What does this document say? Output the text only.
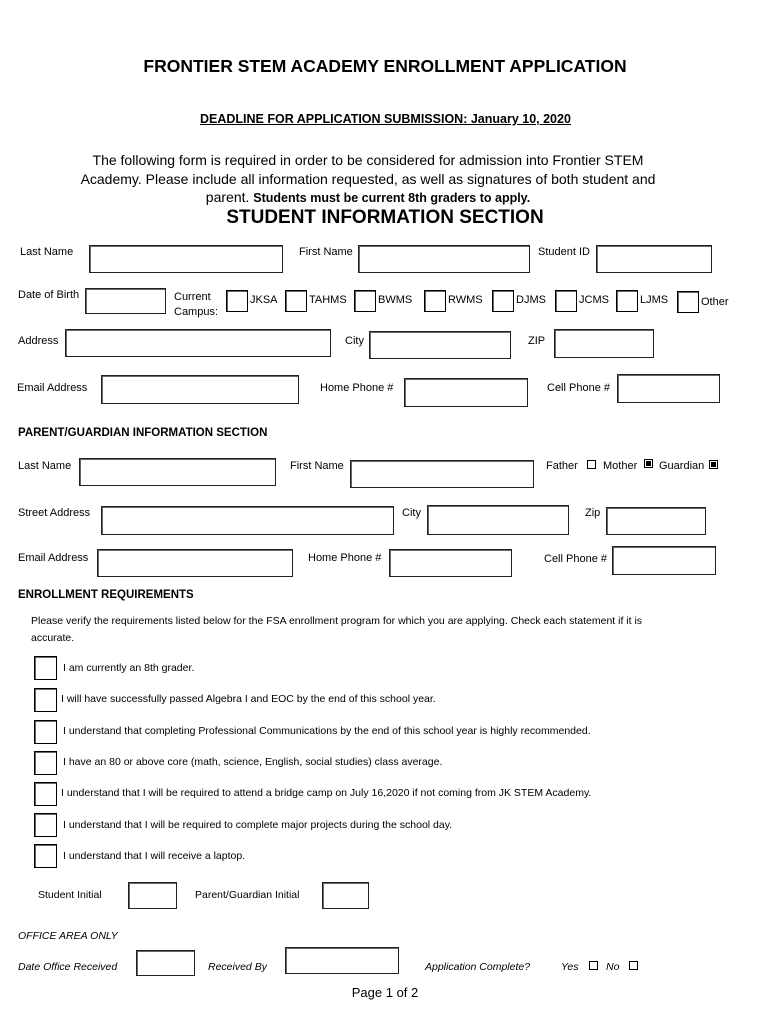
FRONTIER STEM ACADEMY ENROLLMENT APPLICATION
DEADLINE FOR APPLICATION SUBMISSION: January 10, 2020
The following form is required in order to be considered for admission into Frontier STEM
Academy. Please include all information requested, as well as signatures of both student and
parent. Students must be current 8th graders to apply.
STUDENT INFORMATION SECTION
Last Name	First Name	Student ID
Date of Birth	Current
Campus:
JKSA	TAHMS	BWMS	RWMS	DJMS	JCMS	LJMS	Other
Address	City	ZIP
Email Address	Home Phone #	Cell Phone #
PARENT/GUARDIAN INFORMATION SECTION
Last Name	First Name	Father Mother Guardian
Street Address	City	Zip
Email Address	Home Phone #	Cell Phone #
ENROLLMENT REQUIREMENTS
Please verify the requirements listed below for the FSA enrollment program for which you are applying. Check each statement if it is
accurate.
I am currently an 8th grader.
I will have successfully passed Algebra I and EOC by the end of this school year.
I understand that completing Professional Communications by the end of this school year is highly recommended.
I have an 80 or above core (math, science, English, social studies) class average.
I understand that I will be required to attend a bridge camp on July 16,2020 if not coming from JK STEM Academy.
I understand that I will be required to complete major projects during the school day.
I understand that I will receive a laptop.
Student Initial	Parent/Guardian Initial
OFFICE AREA ONLY
Date Office Received	Received By	Application Complete?	Yes	No
Page 1 of 2
